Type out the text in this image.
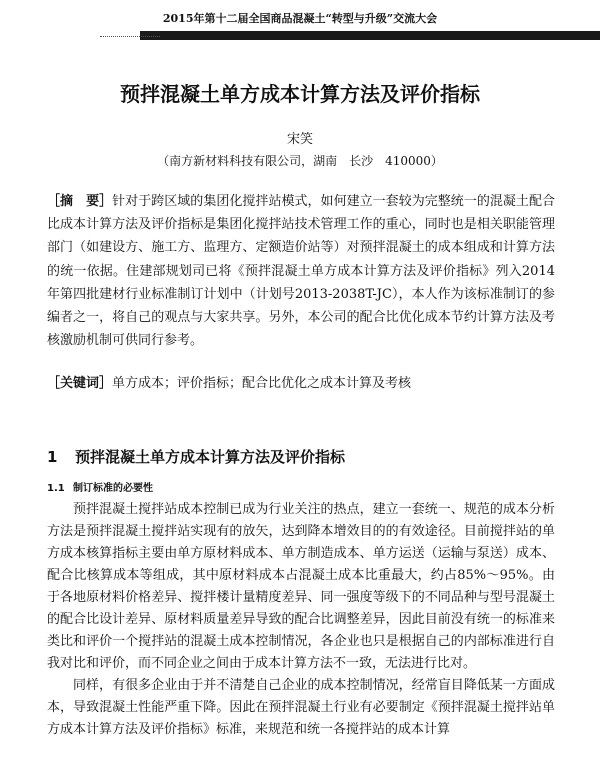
2015年第十二届全国商品混凝土“转型与升级”交流大会
预拌混凝土单方成本计算方法及评价指标
宋笑
（南方新材料科技有限公司，湖南　长沙　410000）
［摘　要］针对于跨区域的集团化搅拌站模式，如何建立一套较为完整统一的混凝土配合比成本计算方法及评价指标是集团化搅拌站技术管理工作的重心，同时也是相关职能管理部门（如建设方、施工方、监理方、定额造价站等）对预拌混凝土的成本组成和计算方法的统一依据。住建部规划司已将《预拌混凝土单方成本计算方法及评价指标》列入2014年第四批建材行业标准制订计划中（计划号2013-2038T-JC），本人作为该标准制订的参编者之一，将自己的观点与大家共享。另外，本公司的配合比优化成本节约计算方法及考核激励机制可供同行参考。
［关键词］单方成本；评价指标；配合比优化之成本计算及考核
1 预拌混凝土单方成本计算方法及评价指标
1.1 制订标准的必要性

预拌混凝土搅拌站成本控制已成为行业关注的热点，建立一套统一、规范的成本分析方法是预拌混凝土搅拌站实现有的放矢，达到降本增效目的的有效途径。目前搅拌站的单方成本核算指标主要由单方原材料成本、单方制造成本、单方运送（运输与泵送）成本、配合比核算成本等组成，其中原材料成本占混凝土成本比重最大，约占85%～95%。由于各地原材料价格差异、搅拌楼计量精度差异、同一强度等级下的不同品种与型号混凝土的配合比设计差异、原材料质量差异导致的配合比调整差异，因此目前没有统一的标准来类比和评价一个搅拌站的混凝土成本控制情况，各企业也只是根据自己的内部标准进行自我对比和评价，而不同企业之间由于成本计算方法不一致，无法进行比对。

同样，有很多企业由于并不清楚自己企业的成本控制情况，经常盲目降低某一方面成本，导致混凝土性能严重下降。因此在预拌混凝土行业有必要制定《预拌混凝土搅拌站单方成本计算方法及评价指标》标准，来规范和统一各搅拌站的成本计算
